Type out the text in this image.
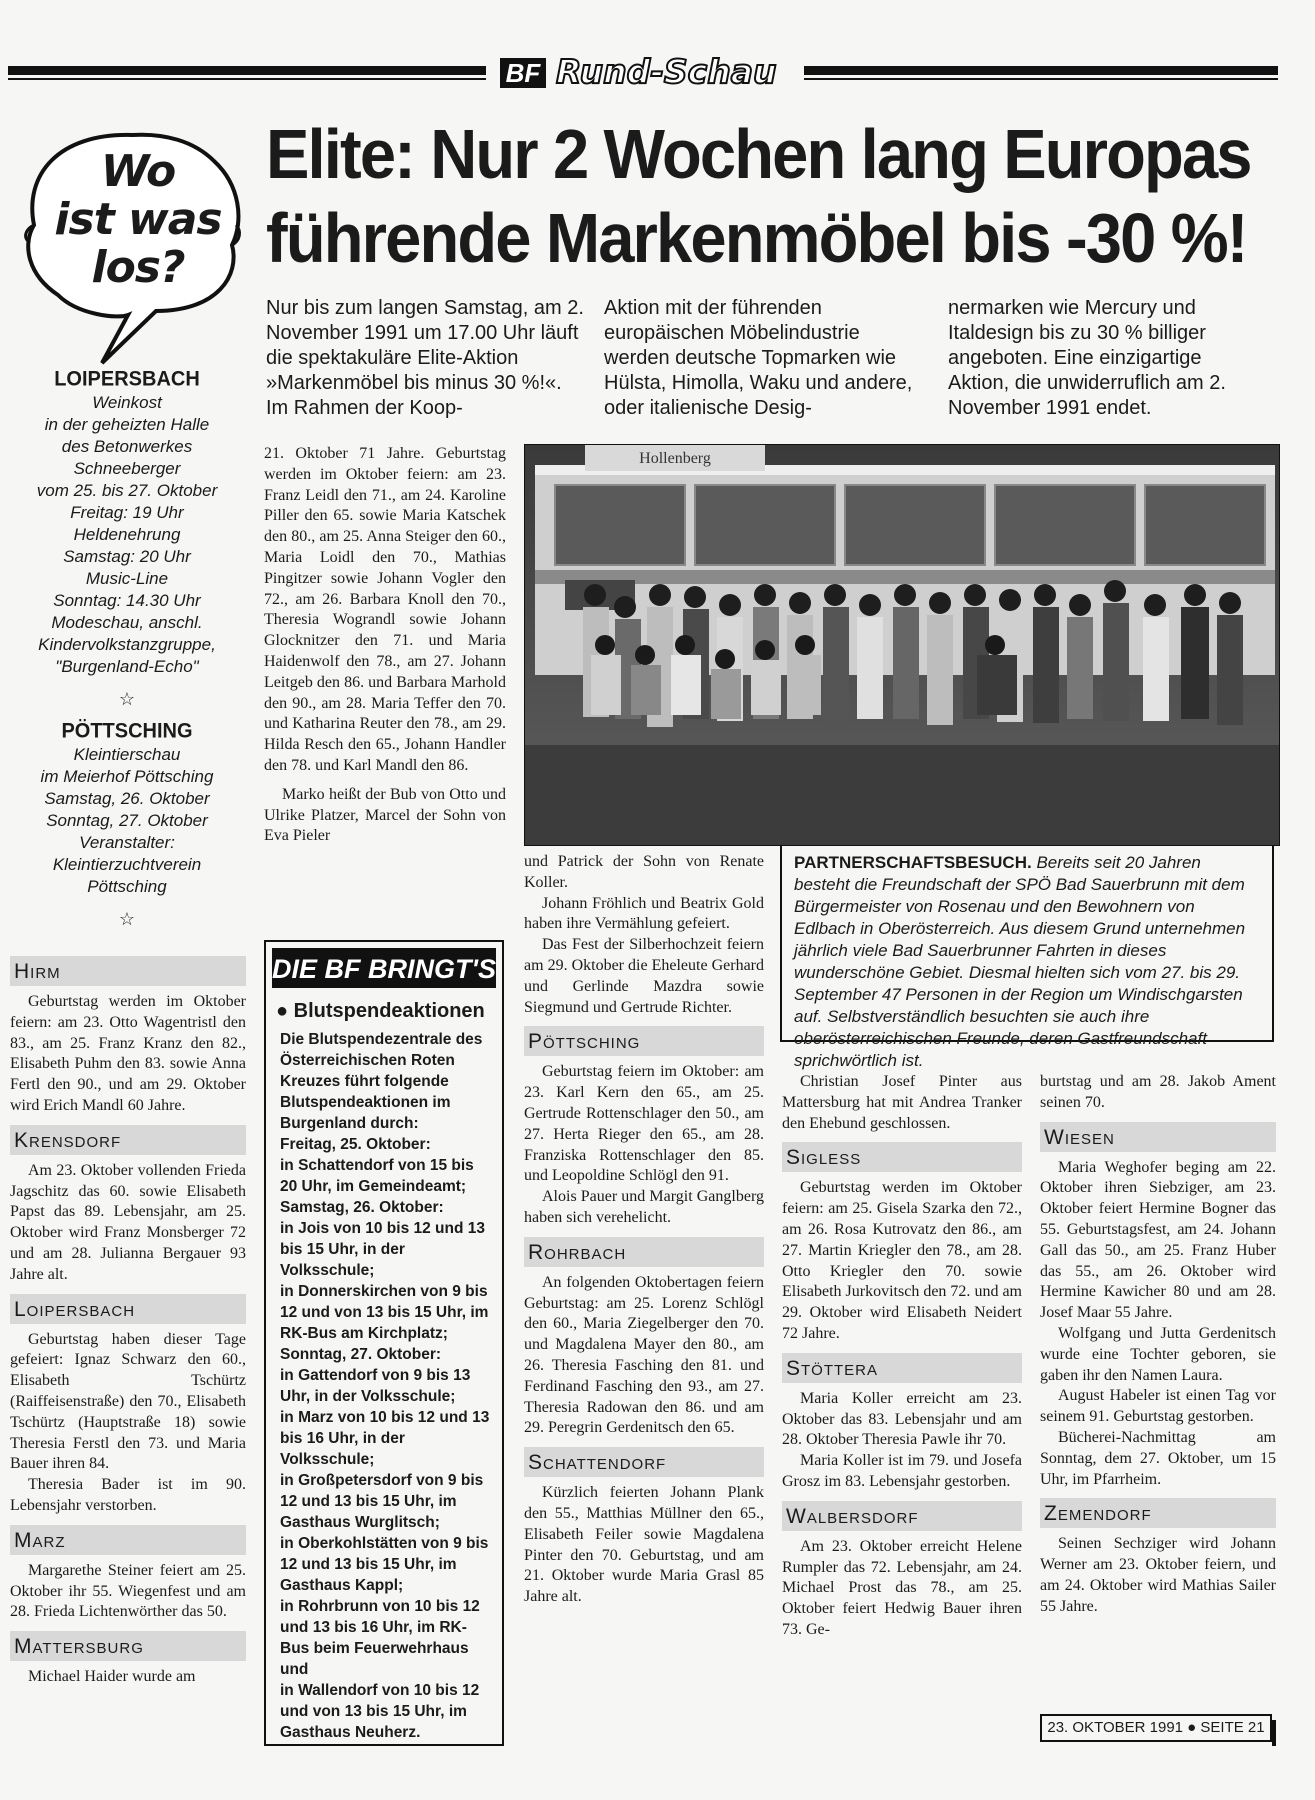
BF Rund-Schau
Wo
ist was
los?
Elite: Nur 2 Wochen lang Europas
führende Markenmöbel bis -30 %!
Nur bis zum langen Samstag, am 2. November 1991 um 17.00 Uhr läuft die spektakuläre Elite-Aktion »Markenmöbel bis minus 30 %!«. Im Rahmen der Koop-
Aktion mit der führenden europäischen Möbelindustrie werden deutsche Topmarken wie Hülsta, Himolla, Waku und andere, oder italienische Desig-
nermarken wie Mercury und Italdesign bis zu 30 % billiger angeboten. Eine einzigartige Aktion, die unwiderruflich am 2. November 1991 endet.
LOIPERSBACH
Weinkost
in der geheizten Halle
des Betonwerkes
Schneeberger
vom 25. bis 27. Oktober
Freitag: 19 Uhr
Heldenehrung
Samstag: 20 Uhr
Music-Line
Sonntag: 14.30 Uhr
Modeschau, anschl.
Kindervolkstanzgruppe,
"Burgenland-Echo"
☆
PÖTTSCHING
Kleintierschau
im Meierhof Pöttsching
Samstag, 26. Oktober
Sonntag, 27. Oktober
Veranstalter:
Kleintierzuchtverein
Pöttsching
☆
Hirm

Geburtstag werden im Oktober feiern: am 23. Otto Wagentristl den 83., am 25. Franz Kranz den 82., Elisabeth Puhm den 83. sowie Anna Fertl den 90., und am 29. Oktober wird Erich Mandl 60 Jahre.

Krensdorf

Am 23. Oktober vollenden Frieda Jagschitz das 60. sowie Elisabeth Papst das 89. Lebensjahr, am 25. Oktober wird Franz Monsberger 72 und am 28. Julianna Bergauer 93 Jahre alt.

Loipersbach

Geburtstag haben dieser Tage gefeiert: Ignaz Schwarz den 60., Elisabeth Tschürtz (Raiffeisenstraße) den 70., Elisabeth Tschürtz (Hauptstraße 18) sowie Theresia Ferstl den 73. und Maria Bauer ihren 84.

Theresia Bader ist im 90. Lebensjahr verstorben.

Marz

Margarethe Steiner feiert am 25. Oktober ihr 55. Wiegenfest und am 28. Frieda Lichtenwörther das 50.

Mattersburg

Michael Haider wurde am

21. Oktober 71 Jahre. Geburtstag werden im Oktober feiern: am 23. Franz Leidl den 71., am 24. Karoline Piller den 65. sowie Maria Katschek den 80., am 25. Anna Steiger den 60., Maria Loidl den 70., Mathias Pingitzer sowie Johann Vogler den 72., am 26. Barbara Knoll den 70., Theresia Wograndl sowie Johann Glocknitzer den 71. und Maria Haidenwolf den 78., am 27. Johann Leitgeb den 86. und Barbara Marhold den 90., am 28. Maria Teffer den 70. und Katharina Reuter den 78., am 29. Hilda Resch den 65., Johann Handler den 78. und Karl Mandl den 86.

Marko heißt der Bub von Otto und Ulrike Platzer, Marcel der Sohn von Eva Pieler

Hollenberg
PARTNERSCHAFTSBESUCH. Bereits seit 20 Jahren besteht die Freundschaft der SPÖ Bad Sauerbrunn mit dem Bürgermeister von Rosenau und den Bewohnern von Edlbach in Oberösterreich. Aus diesem Grund unternehmen jährlich viele Bad Sauerbrunner Fahrten in dieses wunderschöne Gebiet. Diesmal hielten sich vom 27. bis 29. September 47 Personen in der Region um Windischgarsten auf. Selbstverständlich besuchten sie auch ihre oberösterreichischen Freunde, deren Gastfreundschaft sprichwörtlich ist.
DIE BF BRINGT'S
● Blutspendeaktionen
Die Blutspendezentrale des Österreichischen Roten Kreuzes führt folgende Blutspendeaktionen im Burgenland durch:
Freitag, 25. Oktober:
in Schattendorf von 15 bis 20 Uhr, im Gemeindeamt;
Samstag, 26. Oktober:
in Jois von 10 bis 12 und 13 bis 15 Uhr, in der Volksschule;
in Donnerskirchen von 9 bis 12 und von 13 bis 15 Uhr, im RK-Bus am Kirchplatz;
Sonntag, 27. Oktober:
in Gattendorf von 9 bis 13 Uhr, in der Volksschule;
in Marz von 10 bis 12 und 13 bis 16 Uhr, in der Volksschule;
in Großpetersdorf von 9 bis 12 und 13 bis 15 Uhr, im Gasthaus Wurglitsch;
in Oberkohlstätten von 9 bis 12 und 13 bis 15 Uhr, im Gasthaus Kappl;
in Rohrbrunn von 10 bis 12 und 13 bis 16 Uhr, im RK-Bus beim Feuerwehrhaus und
in Wallendorf von 10 bis 12 und von 13 bis 15 Uhr, im Gasthaus Neuherz.

und Patrick der Sohn von Renate Koller.

Johann Fröhlich und Beatrix Gold haben ihre Vermählung gefeiert.

Das Fest der Silberhochzeit feiern am 29. Oktober die Eheleute Gerhard und Gerlinde Mazdra sowie Siegmund und Gertrude Richter.

Pöttsching

Geburtstag feiern im Oktober: am 23. Karl Kern den 65., am 25. Gertrude Rottenschlager den 50., am 27. Herta Rieger den 65., am 28. Franziska Rottenschlager den 85. und Leopoldine Schlögl den 91.

Alois Pauer und Margit Ganglberg haben sich verehelicht.

Rohrbach

An folgenden Oktobertagen feiern Geburtstag: am 25. Lorenz Schlögl den 60., Maria Ziegelberger den 70. und Magdalena Mayer den 80., am 26. Theresia Fasching den 81. und Ferdinand Fasching den 93., am 27. Theresia Radowan den 86. und am 29. Peregrin Gerdenitsch den 65.

Schattendorf

Kürzlich feierten Johann Plank den 55., Matthias Müllner den 65., Elisabeth Feiler sowie Magdalena Pinter den 70. Geburtstag, und am 21. Oktober wurde Maria Grasl 85 Jahre alt.

Christian Josef Pinter aus Mattersburg hat mit Andrea Tranker den Ehebund geschlossen.

Sigless

Geburtstag werden im Oktober feiern: am 25. Gisela Szarka den 72., am 26. Rosa Kutrovatz den 86., am 27. Martin Kriegler den 78., am 28. Otto Kriegler den 70. sowie Elisabeth Jurkovitsch den 72. und am 29. Oktober wird Elisabeth Neidert 72 Jahre.

Stöttera

Maria Koller erreicht am 23. Oktober das 83. Lebensjahr und am 28. Oktober Theresia Pawle ihr 70.

Maria Koller ist im 79. und Josefa Grosz im 83. Lebensjahr gestorben.

Walbersdorf

Am 23. Oktober erreicht Helene Rumpler das 72. Lebensjahr, am 24. Michael Prost das 78., am 25. Oktober feiert Hedwig Bauer ihren 73. Ge-

burtstag und am 28. Jakob Ament seinen 70.

Wiesen

Maria Weghofer beging am 22. Oktober ihren Siebziger, am 23. Oktober feiert Hermine Bogner das 55. Geburtstagsfest, am 24. Johann Gall das 50., am 25. Franz Huber das 55., am 26. Oktober wird Hermine Kawicher 80 und am 28. Josef Maar 55 Jahre.

Wolfgang und Jutta Gerdenitsch wurde eine Tochter geboren, sie gaben ihr den Namen Laura.

August Habeler ist einen Tag vor seinem 91. Geburtstag gestorben.

Bücherei-Nachmittag am Sonntag, dem 27. Oktober, um 15 Uhr, im Pfarrheim.

Zemendorf

Seinen Sechziger wird Johann Werner am 23. Oktober feiern, und am 24. Oktober wird Mathias Sailer 55 Jahre.

23. OKTOBER 1991 ● SEITE 21
